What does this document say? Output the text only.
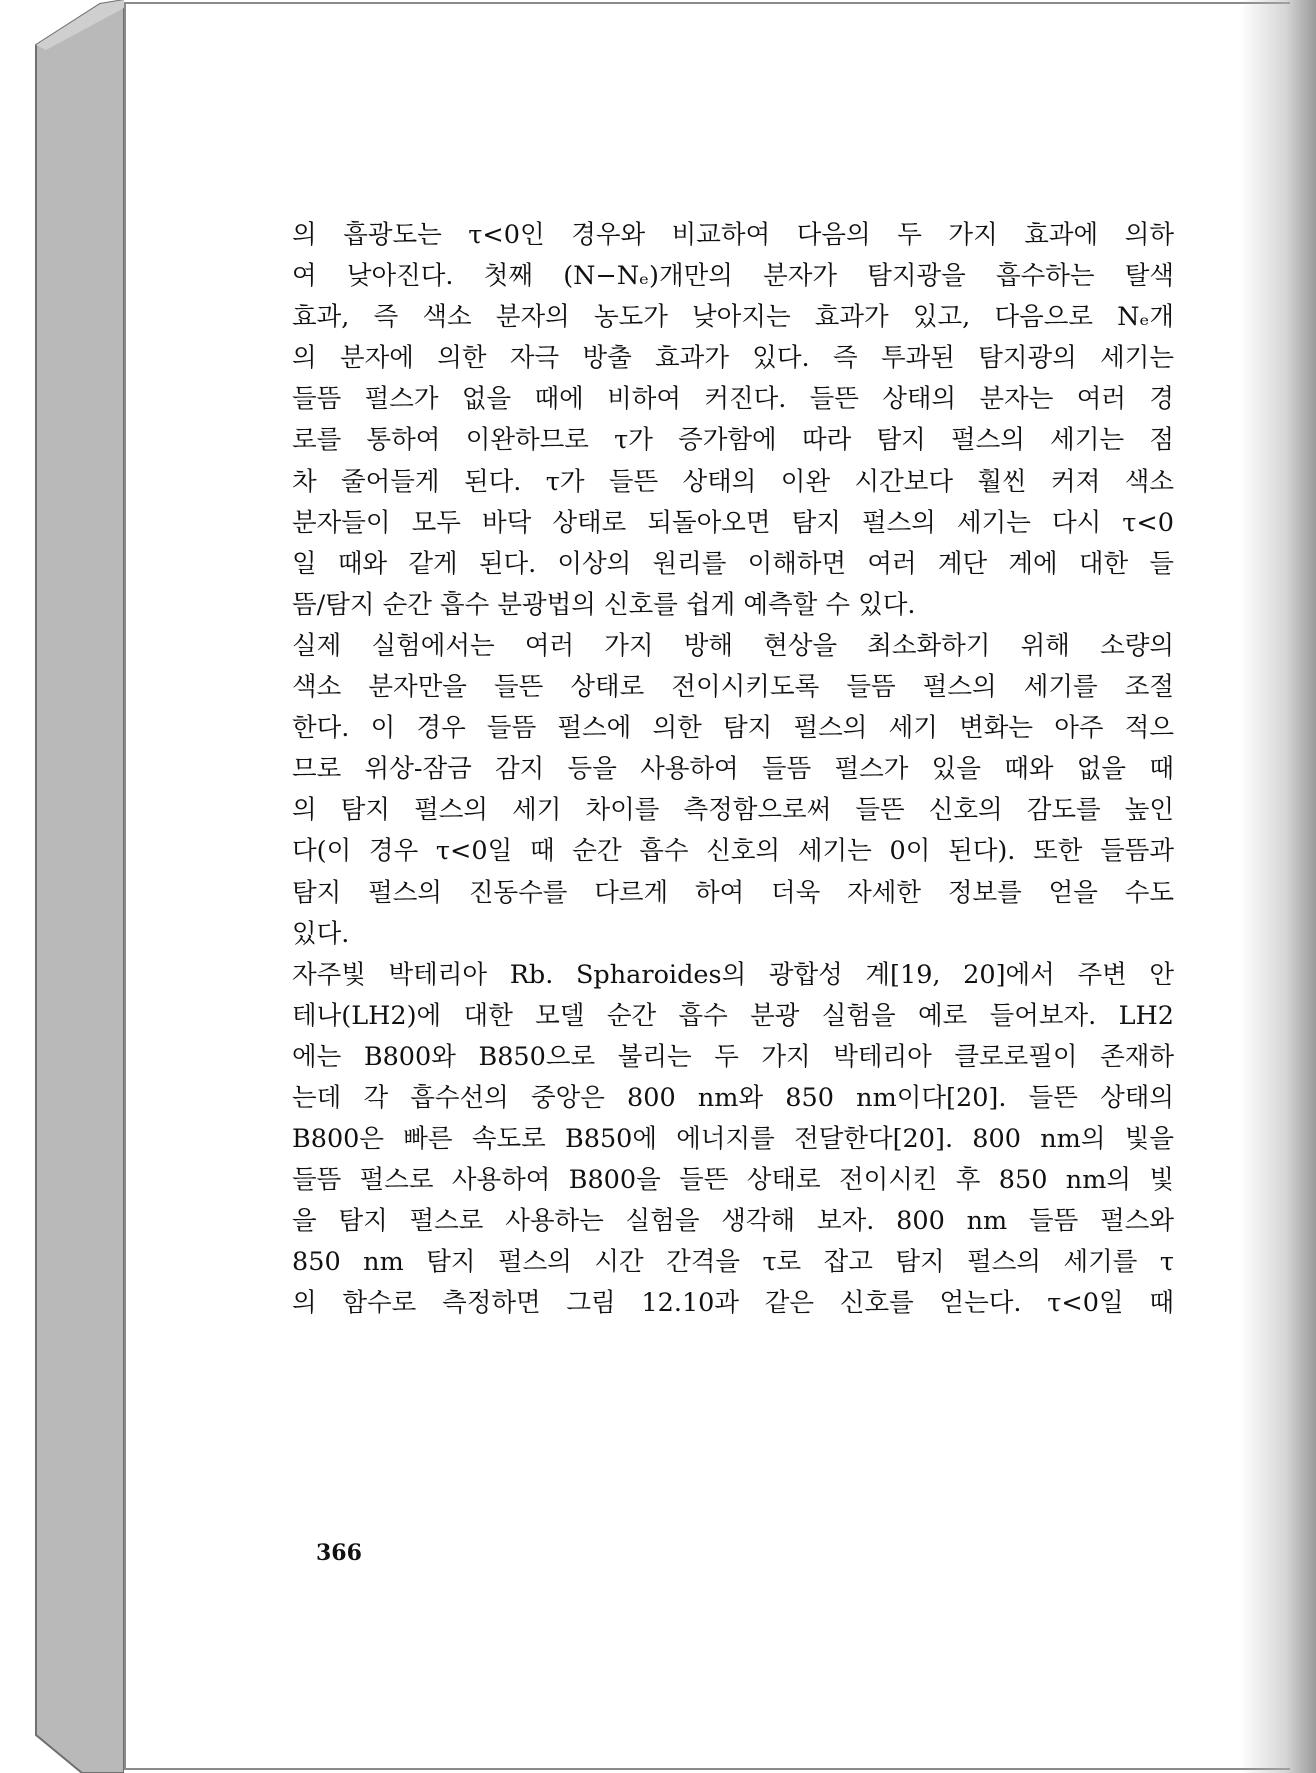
의 흡광도는 τ<0인 경우와 비교하여 다음의 두 가지 효과에 의하
여 낮아진다. 첫째 (N−Nₑ)개만의 분자가 탐지광을 흡수하는 탈색
효과, 즉 색소 분자의 농도가 낮아지는 효과가 있고, 다음으로 Nₑ개
의 분자에 의한 자극 방출 효과가 있다. 즉 투과된 탐지광의 세기는
들뜸 펄스가 없을 때에 비하여 커진다. 들뜬 상태의 분자는 여러 경
로를 통하여 이완하므로 τ가 증가함에 따라 탐지 펄스의 세기는 점
차 줄어들게 된다. τ가 들뜬 상태의 이완 시간보다 훨씬 커져 색소
분자들이 모두 바닥 상태로 되돌아오면 탐지 펄스의 세기는 다시 τ<0
일 때와 같게 된다. 이상의 원리를 이해하면 여러 계단 계에 대한 들
뜸/탐지 순간 흡수 분광법의 신호를 쉽게 예측할 수 있다.
실제 실험에서는 여러 가지 방해 현상을 최소화하기 위해 소량의
색소 분자만을 들뜬 상태로 전이시키도록 들뜸 펄스의 세기를 조절
한다. 이 경우 들뜸 펄스에 의한 탐지 펄스의 세기 변화는 아주 적으
므로 위상-잠금 감지 등을 사용하여 들뜸 펄스가 있을 때와 없을 때
의 탐지 펄스의 세기 차이를 측정함으로써 들뜬 신호의 감도를 높인
다(이 경우 τ<0일 때 순간 흡수 신호의 세기는 0이 된다). 또한 들뜸과
탐지 펄스의 진동수를 다르게 하여 더욱 자세한 정보를 얻을 수도
있다.
자주빛 박테리아 Rb. Spharoides의 광합성 계[19, 20]에서 주변 안
테나(LH2)에 대한 모델 순간 흡수 분광 실험을 예로 들어보자. LH2
에는 B800와 B850으로 불리는 두 가지 박테리아 클로로필이 존재하
는데 각 흡수선의 중앙은 800 nm와 850 nm이다[20]. 들뜬 상태의
B800은 빠른 속도로 B850에 에너지를 전달한다[20]. 800 nm의 빛을
들뜸 펄스로 사용하여 B800을 들뜬 상태로 전이시킨 후 850 nm의 빛
을 탐지 펄스로 사용하는 실험을 생각해 보자. 800 nm 들뜸 펄스와
850 nm 탐지 펄스의 시간 간격을 τ로 잡고 탐지 펄스의 세기를 τ
의 함수로 측정하면 그림 12.10과 같은 신호를 얻는다. τ<0일 때
366
